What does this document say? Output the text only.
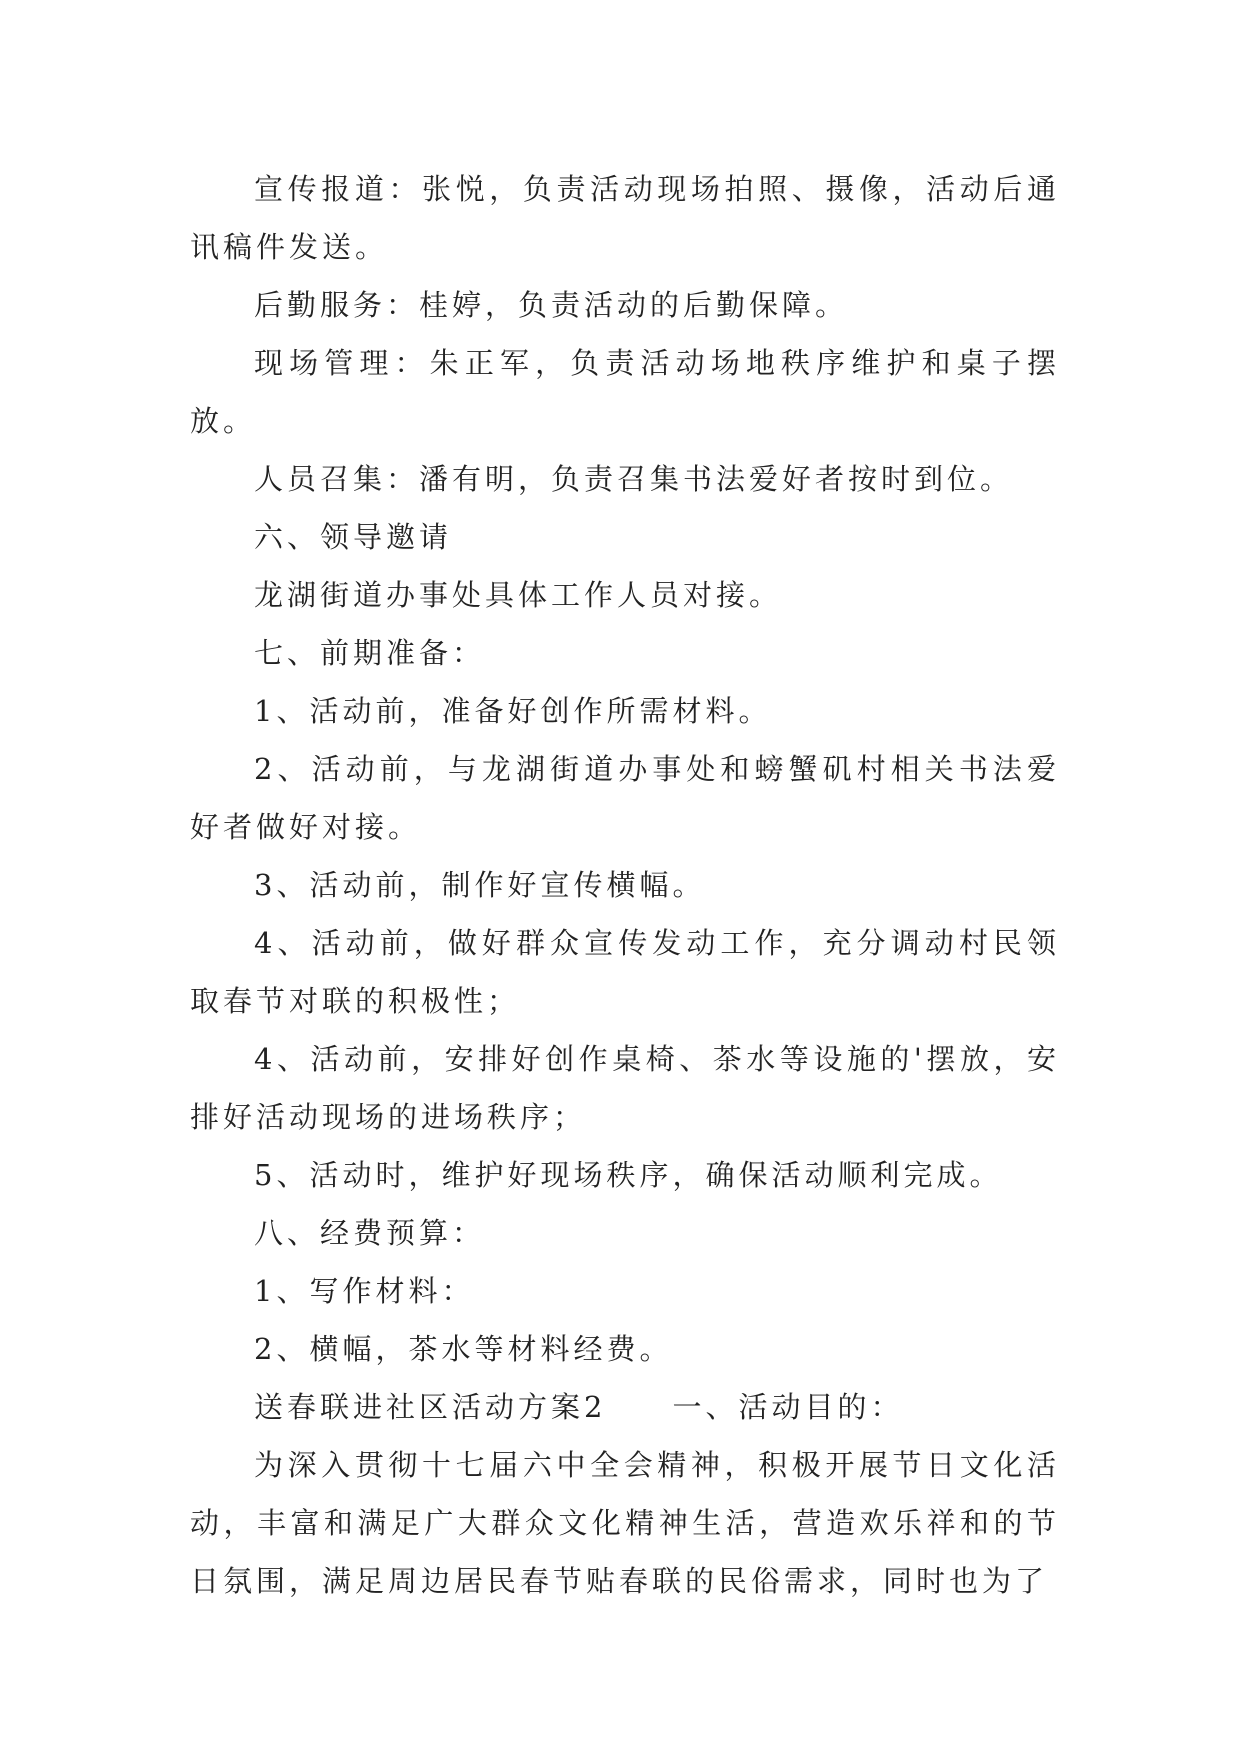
宣传报道：张悦，负责活动现场拍照、摄像，活动后通讯稿件发送。

后勤服务：桂婷，负责活动的后勤保障。

现场管理：朱正军，负责活动场地秩序维护和桌子摆放。

人员召集：潘有明，负责召集书法爱好者按时到位。

六、领导邀请

龙湖街道办事处具体工作人员对接。

七、前期准备：

1、活动前，准备好创作所需材料。

2、活动前，与龙湖街道办事处和螃蟹矶村相关书法爱好者做好对接。

3、活动前，制作好宣传横幅。

4、活动前，做好群众宣传发动工作，充分调动村民领取春节对联的积极性；

4、活动前，安排好创作桌椅、茶水等设施的'摆放，安排好活动现场的进场秩序；

5、活动时，维护好现场秩序，确保活动顺利完成。

八、经费预算：

1、写作材料：

2、横幅，茶水等材料经费。

送春联进社区活动方案2　　一、活动目的：

为深入贯彻十七届六中全会精神，积极开展节日文化活动，丰富和满足广大群众文化精神生活，营造欢乐祥和的节日氛围，满足周边居民春节贴春联的民俗需求，同时也为了
